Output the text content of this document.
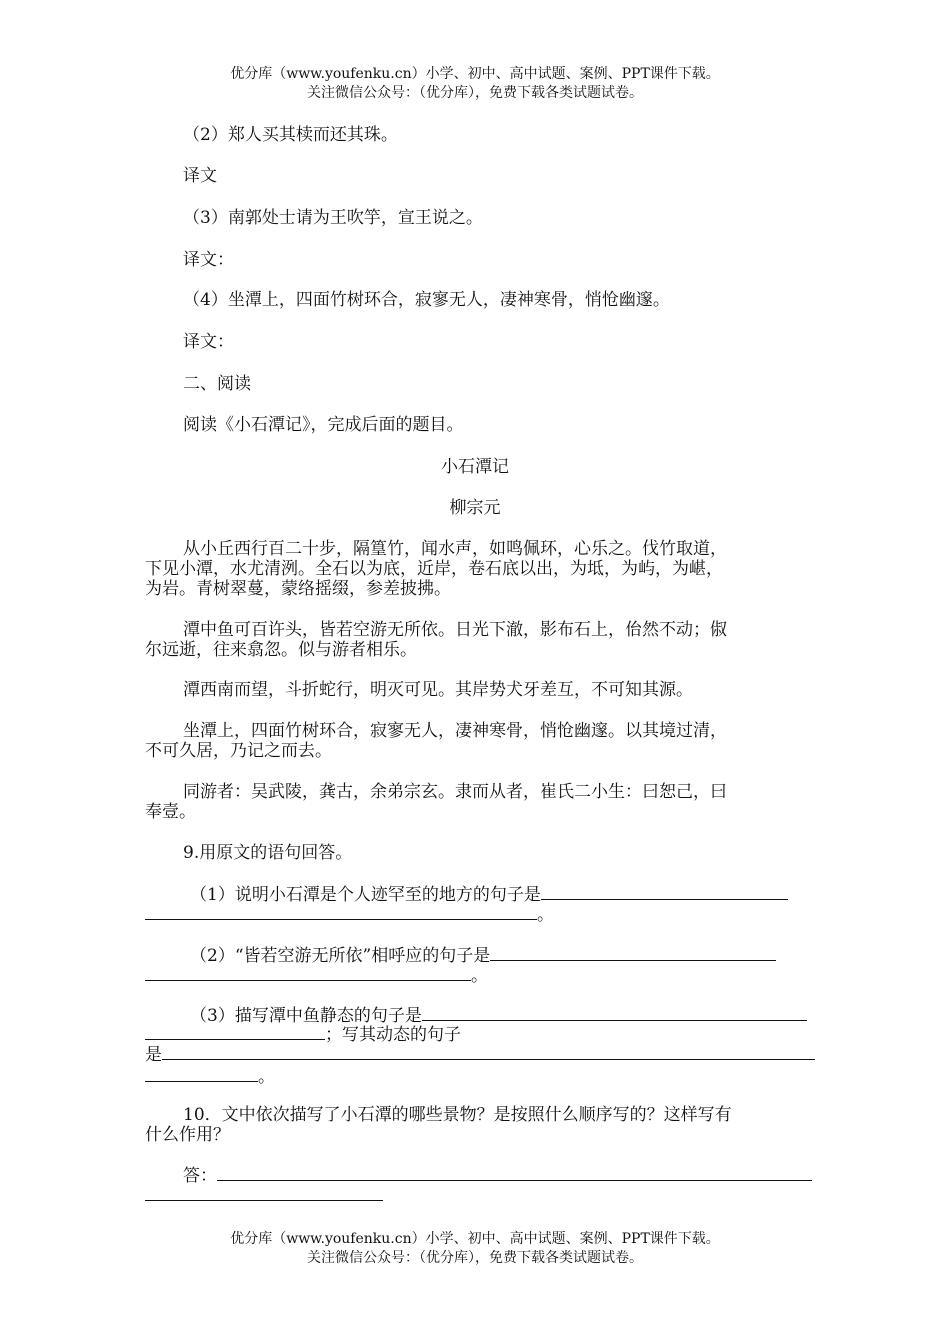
优分库（www.youfenku.cn）小学、初中、高中试题、案例、PPT课件下载。
关注微信公众号：（优分库），免费下载各类试题试卷。
（2）郑人买其椟而还其珠。
译文
（3）南郭处士请为王吹竽，宣王说之。
译文：
（4）坐潭上，四面竹树环合，寂寥无人，凄神寒骨，悄怆幽邃。
译文：
二、阅读
阅读《小石潭记》，完成后面的题目。
小石潭记
柳宗元
从小丘西行百二十步，隔篁竹，闻水声，如鸣佩环，心乐之。伐竹取道，
下见小潭，水尤清洌。全石以为底，近岸，卷石底以出，为坻，为屿，为嵁，
为岩。青树翠蔓，蒙络摇缀，参差披拂。
潭中鱼可百许头，皆若空游无所依。日光下澈，影布石上，佁然不动；俶
尔远逝，往来翕忽。似与游者相乐。
潭西南而望，斗折蛇行，明灭可见。其岸势犬牙差互，不可知其源。
坐潭上，四面竹树环合，寂寥无人，凄神寒骨，悄怆幽邃。以其境过清，
不可久居，乃记之而去。
同游者：吴武陵，龚古，余弟宗玄。隶而从者，崔氏二小生：曰恕己，曰
奉壹。
9.用原文的语句回答。
（1）说明小石潭是个人迹罕至的地方的句子是
。
（2）“皆若空游无所依”相呼应的句子是
。
（3）描写潭中鱼静态的句子是
；写其动态的句子
是
。
10．文中依次描写了小石潭的哪些景物？是按照什么顺序写的？这样写有
什么作用？
答：
优分库（www.youfenku.cn）小学、初中、高中试题、案例、PPT课件下载。
关注微信公众号：（优分库），免费下载各类试题试卷。
